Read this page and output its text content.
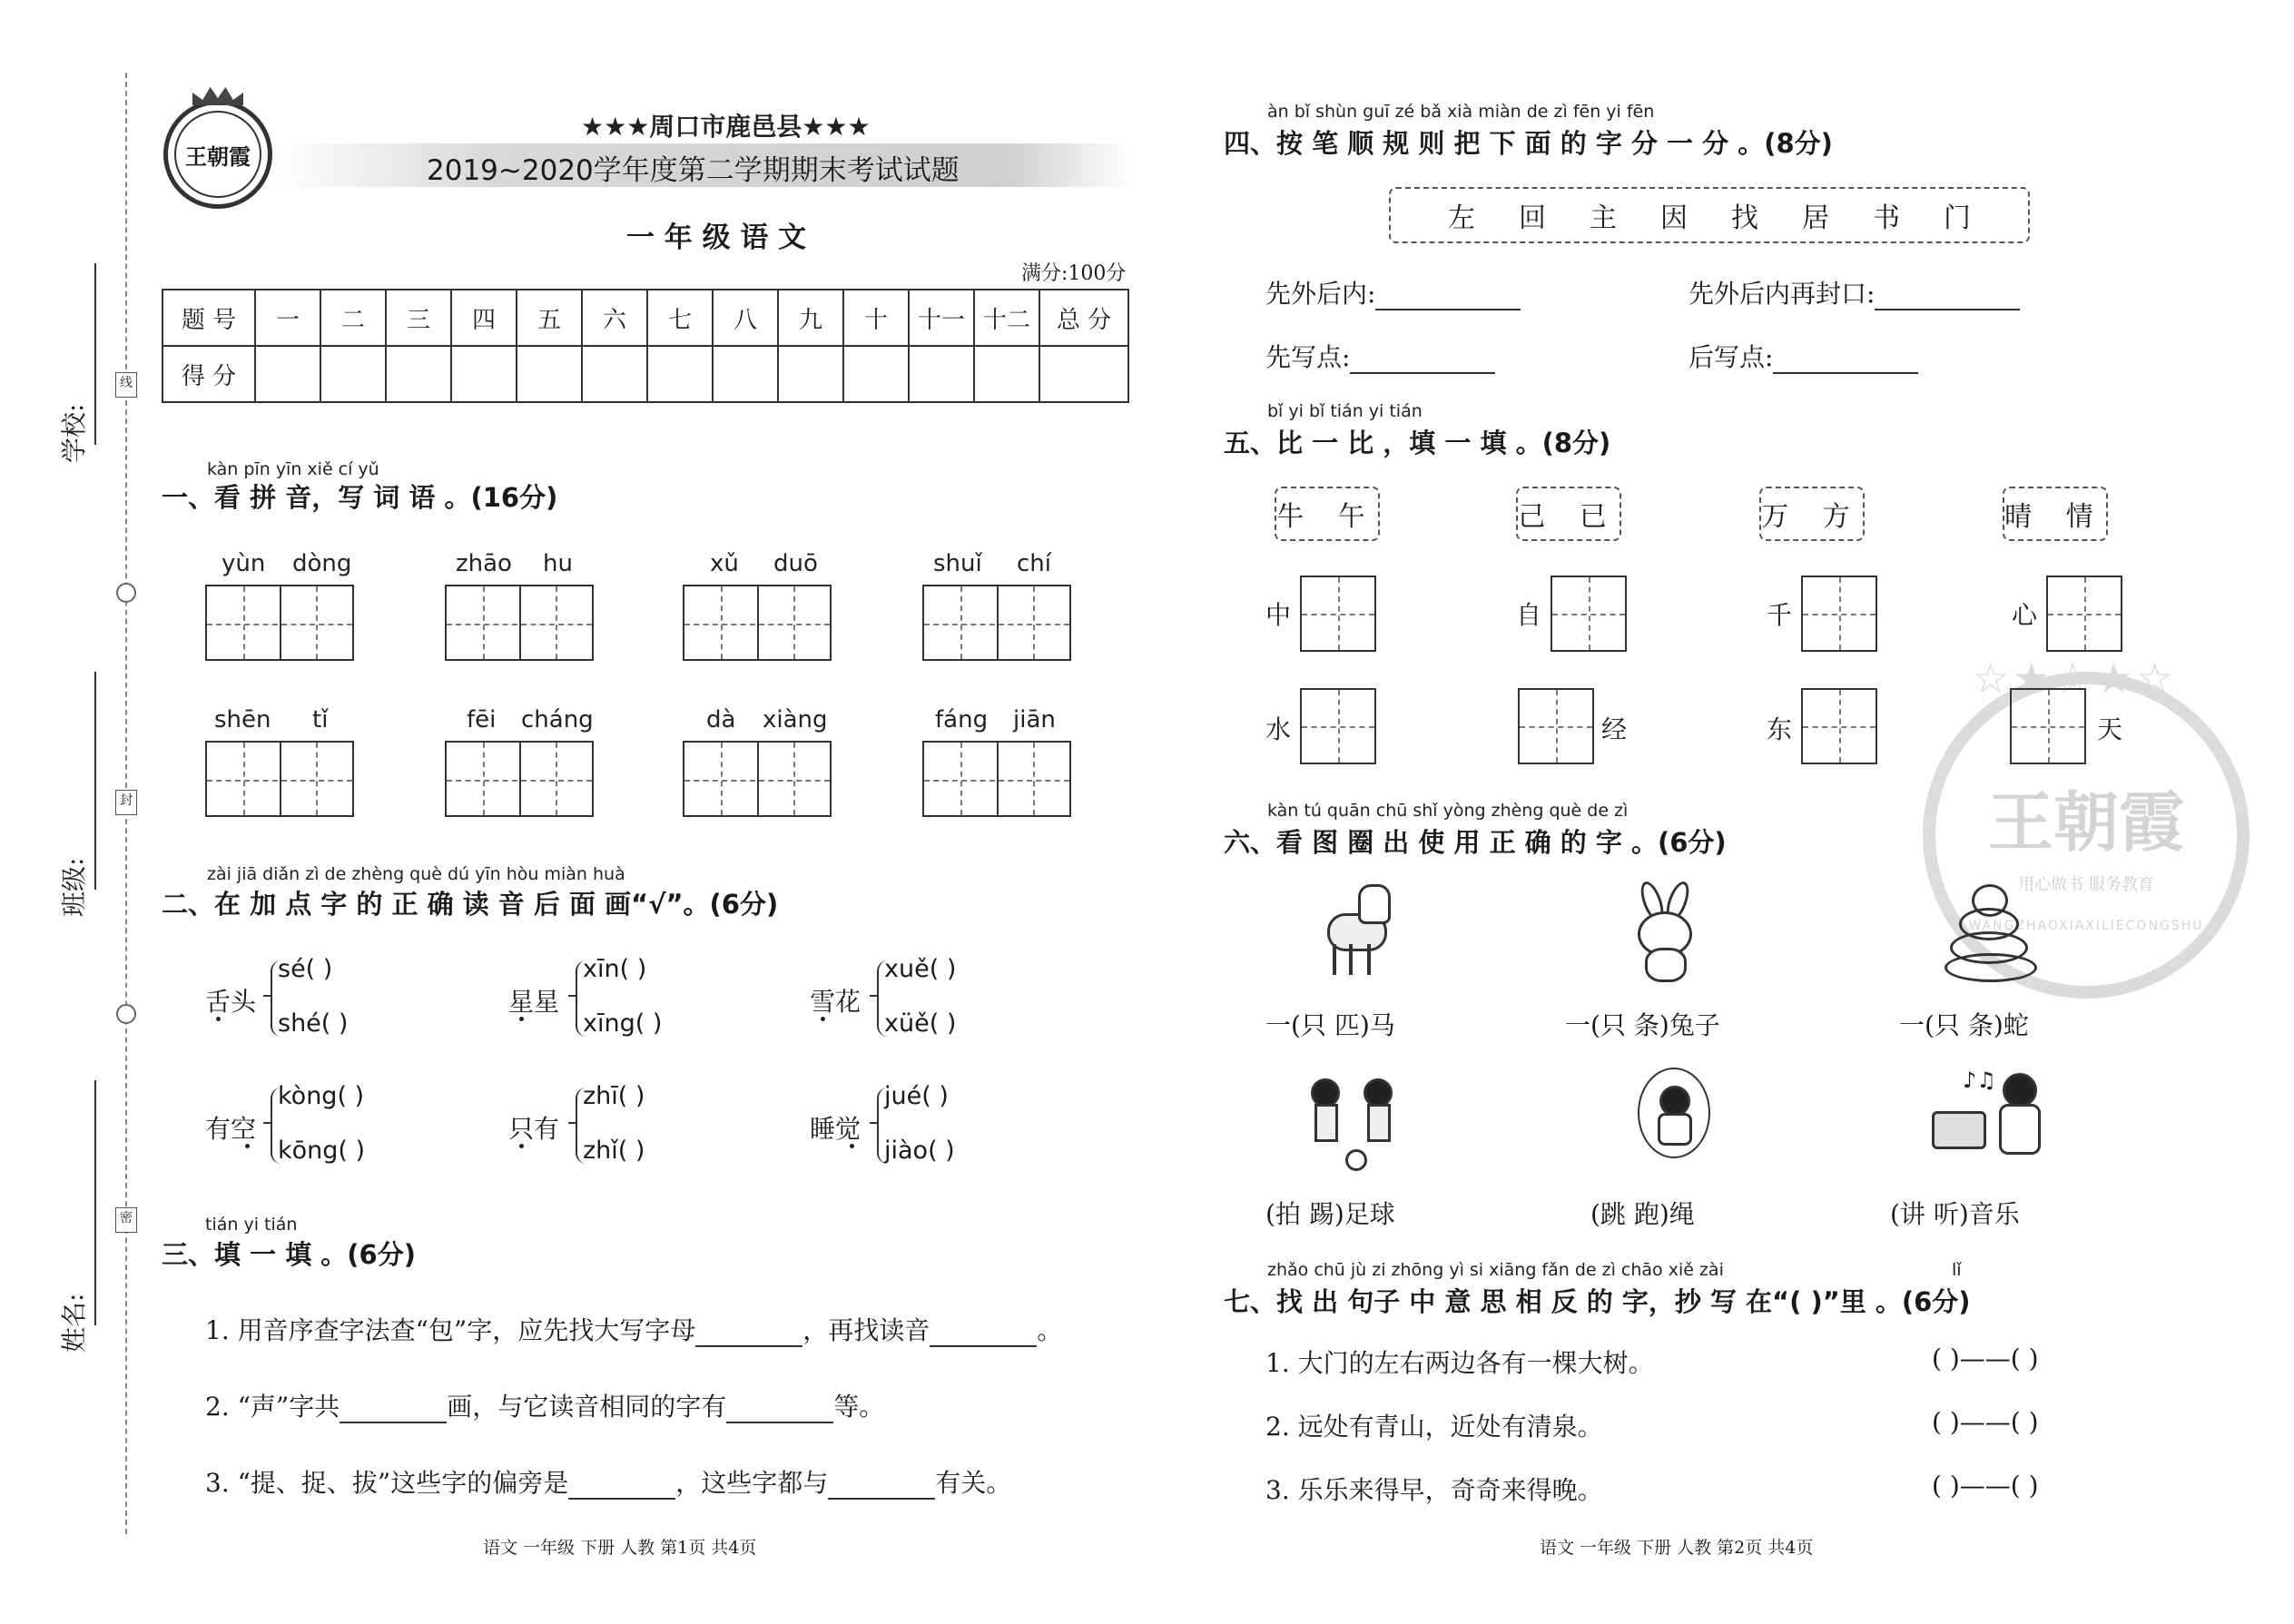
学校:
班级:
姓名:
线
封
密
王朝霞
★★★周口市鹿邑县★★★
2019~2020学年度第二学期期末考试试题
一 年 级 语 文
满分:100分
题 号	一	二	三	四	五	六	七	八	九	十	十一	十二	总 分
得 分													
kàn pīn yīn xiě cí yǔ
一、看 拼 音，写 词 语 。(16分)
yùn dòng	zhāo hu	xǔ duō	shuǐ chí
shēn tǐ	fēi cháng	dà xiàng	fáng jiān
zài jiā diǎn zì de zhèng què dú yīn hòu miàn huà
二、在 加 点 字 的 正 确 读 音 后 面 画“√”。(6分)
舌头
sé( )
shé( )
星星
xīn( )
xīng( )
雪花
xuě( )
xüě( )
有空
kòng( )
kōng( )
只有
zhī( )
zhǐ( )
睡觉
jué( )
jiào( )
tián yi tián
三、填 一 填 。(6分)
1. 用音序查字法查“包”字，应先找大写字母	，再找读音	。
2. “声”字共	画，与它读音相同的字有	等。
3. “提、捉、拔”这些字的偏旁是	，这些字都与	有关。
语文 一年级 下册 人教 第1页 共4页
☆★☆★☆
王朝霞
用心做书 服务教育
WANGZHAOXIAXILIECONGSHU
àn bǐ shùn guī zé bǎ xià miàn de zì fēn yi fēn
四、按 笔 顺 规 则 把 下 面 的 字 分 一 分 。(8分)
左回主因找居书门
先外后内:	先外后内再封口:
先写点:	后写点:
bǐ yi bǐ tián yi tián
五、比 一 比 ，填 一 填 。(8分)
牛 午	己 已	万 方	晴 情
中	自	千	心
水	经	东	天
kàn tú quān chū shǐ yòng zhèng què de zì
六、看 图 圈 出 使 用 正 确 的 字 。(6分)
一(只 匹)马	一(只 条)兔子	一(只 条)蛇
♪♫
(拍 踢)足球	(跳 跑)绳	(讲 听)音乐
zhǎo chū jù zi zhōng yì si xiāng fǎn de zì chāo xiě zài	lǐ
七、找 出 句子 中 意 思 相 反 的 字，抄 写 在“( )”里 。(6分)
1. 大门的左右两边各有一棵大树。	( )——( )
2. 远处有青山，近处有清泉。	( )——( )
3. 乐乐来得早，奇奇来得晚。	( )——( )
语文 一年级 下册 人教 第2页 共4页
